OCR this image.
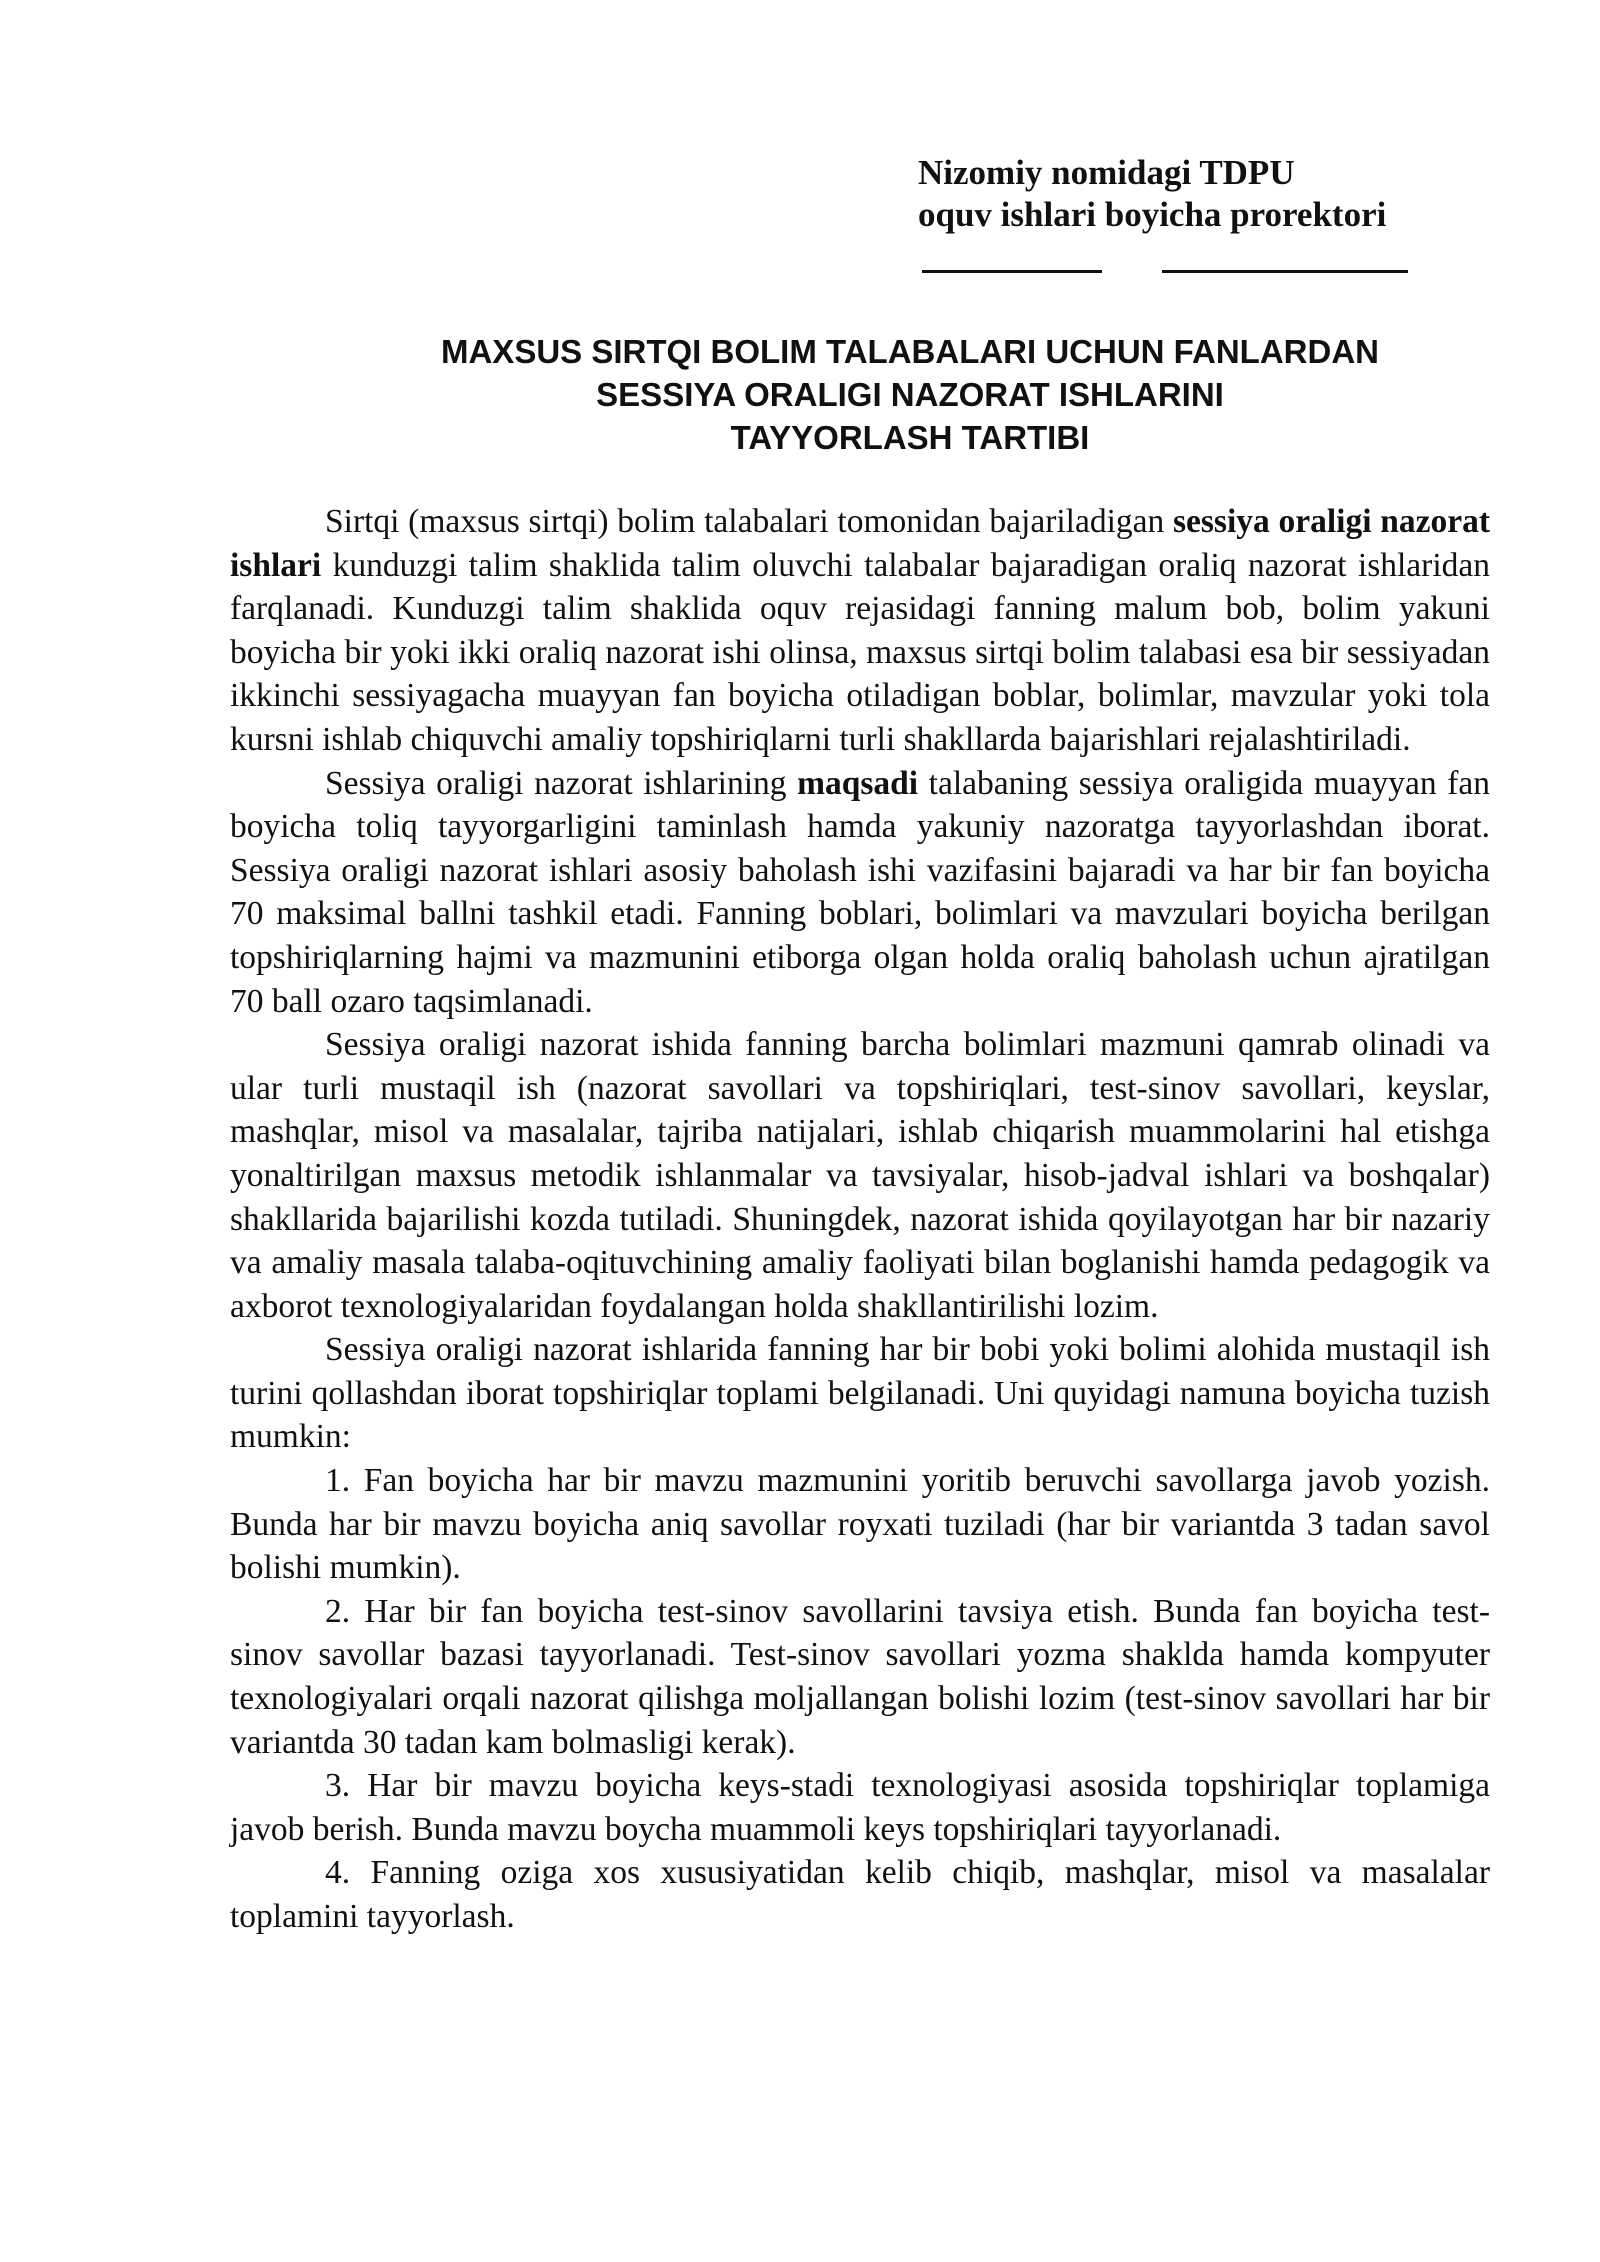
Nizomiy nomidagi TDPU
oquv ishlari boyicha prorektori
MAXSUS SIRTQI BOLIM TALABALARI UCHUN FANLARDAN
SESSIYA ORALIGI NAZORAT ISHLARINI
TAYYORLASH TARTIBI

Sirtqi (maxsus sirtqi) bolim talabalari tomonidan bajariladigan sessiya oraligi nazorat ishlari kunduzgi talim shaklida talim oluvchi talabalar bajaradigan oraliq nazorat ishlaridan farqlanadi. Kunduzgi talim shaklida oquv rejasidagi fanning malum bob, bolim yakuni boyicha bir yoki ikki oraliq nazorat ishi olinsa, maxsus sirtqi bolim talabasi esa bir sessiyadan ikkinchi sessiyagacha muayyan fan boyicha otiladigan boblar, bolimlar, mavzular yoki tola kursni ishlab chiquvchi amaliy topshiriqlarni turli shakllarda bajarishlari rejalashtiriladi.

Sessiya oraligi nazorat ishlarining maqsadi talabaning sessiya oraligida muayyan fan boyicha toliq tayyorgarligini taminlash hamda yakuniy nazoratga tayyorlashdan iborat. Sessiya oraligi nazorat ishlari asosiy baholash ishi vazifasini bajaradi va har bir fan boyicha 70 maksimal ballni tashkil etadi. Fanning boblari, bolimlari va mavzulari boyicha berilgan topshiriqlarning hajmi va mazmunini etiborga olgan holda oraliq baholash uchun ajratilgan 70 ball ozaro taqsimlanadi.

Sessiya oraligi nazorat ishida fanning barcha bolimlari mazmuni qamrab olinadi va ular turli mustaqil ish (nazorat savollari va topshiriqlari, test-sinov savollari, keyslar, mashqlar, misol va masalalar, tajriba natijalari, ishlab chiqarish muammolarini hal etishga yonaltirilgan maxsus metodik ishlanmalar va tavsiyalar, hisob-jadval ishlari va boshqalar) shakllarida bajarilishi kozda tutiladi. Shuningdek, nazorat ishida qoyilayotgan har bir nazariy va amaliy masala talaba-oqituvchining amaliy faoliyati bilan boglanishi hamda pedagogik va axborot texnologiyalaridan foydalangan holda shakllantirilishi lozim.

Sessiya oraligi nazorat ishlarida fanning har bir bobi yoki bolimi alohida mustaqil ish turini qollashdan iborat topshiriqlar toplami belgilanadi. Uni quyidagi namuna boyicha tuzish mumkin:

1. Fan boyicha har bir mavzu mazmunini yoritib beruvchi savollarga javob yozish. Bunda har bir mavzu boyicha aniq savollar royxati tuziladi (har bir variantda 3 tadan savol bolishi mumkin).

2. Har bir fan boyicha test-sinov savollarini tavsiya etish. Bunda fan boyicha test-sinov savollar bazasi tayyorlanadi. Test-sinov savollari yozma shakldа hamda kompyuter texnologiyalari orqali nazorat qilishga moljallangan bolishi lozim (test-sinov savollari har bir variantda 30 tadan kam bolmasligi kerak).

3. Har bir mavzu boyicha keys-stadi texnologiyasi asosida topshiriqlar toplamiga javob berish. Bunda mavzu boycha muammoli keys topshiriqlari tayyorlanadi.

4. Fanning oziga xos xususiyatidan kelib chiqib, mashqlar, misol va masalalar toplamini tayyorlash.
